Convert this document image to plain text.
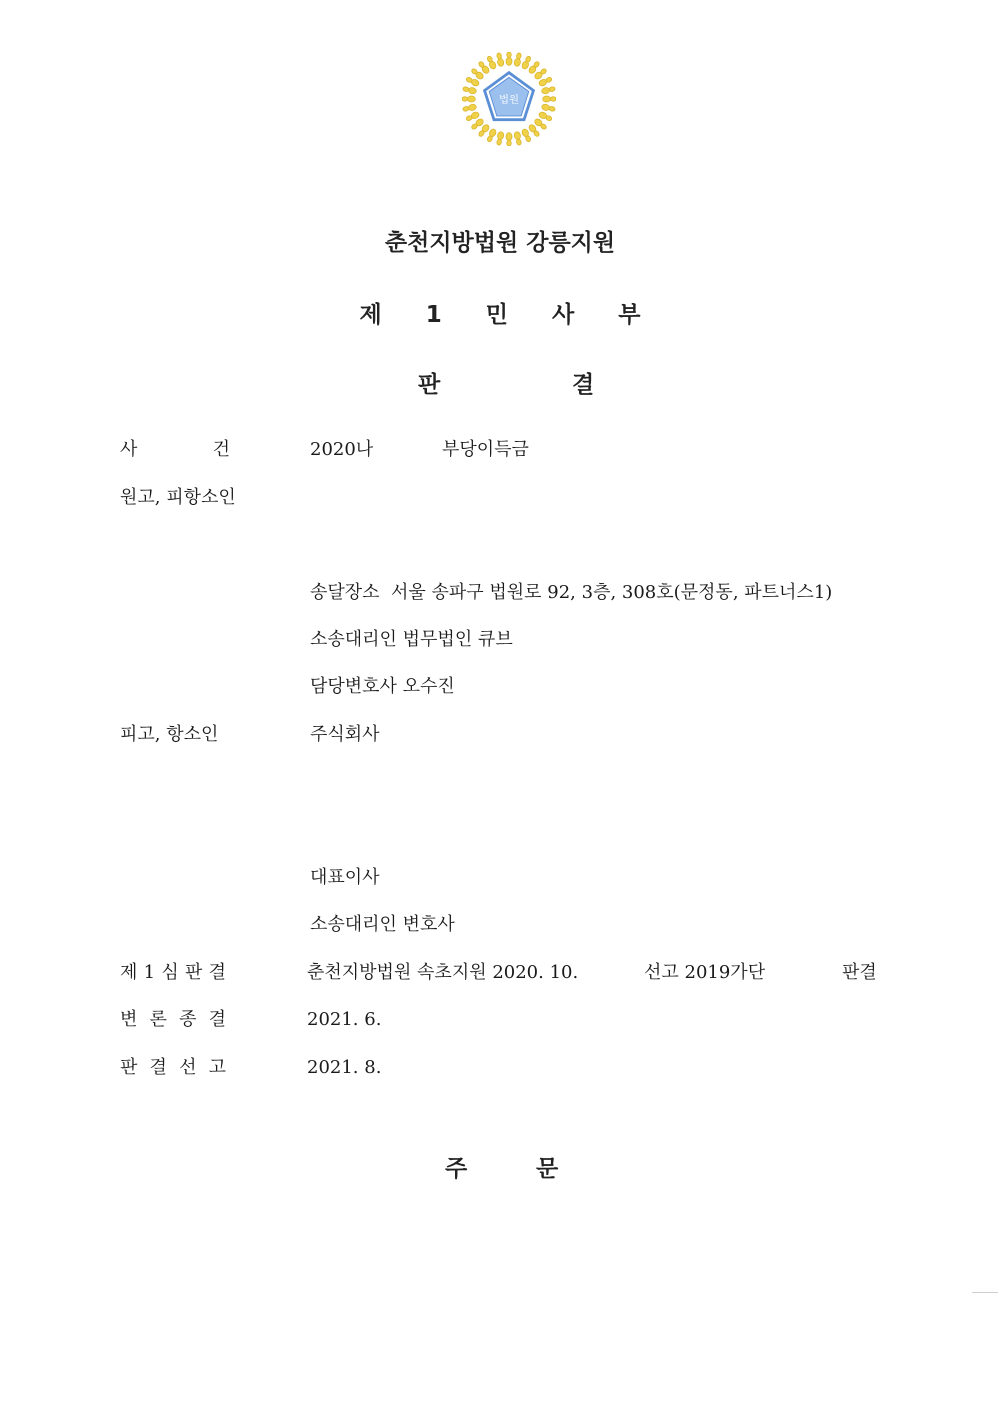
법원
춘천지방법원 강릉지원
제 1 민 사 부
판	결
사	건	2020나	부당이득금
원고, 피항소인
송달장소  서울 송파구 법원로 92, 3층, 308호(문정동, 파트너스1)
소송대리인 법무법인 큐브
담당변호사 오수진
피고, 항소인	주식회사
대표이사
소송대리인 변호사
제 1 심 판 결	춘천지방법원 속초지원 2020. 10.	선고 2019가단	판결
변 론 종 결	2021. 6.
판 결 선 고	2021. 8.
주	문
